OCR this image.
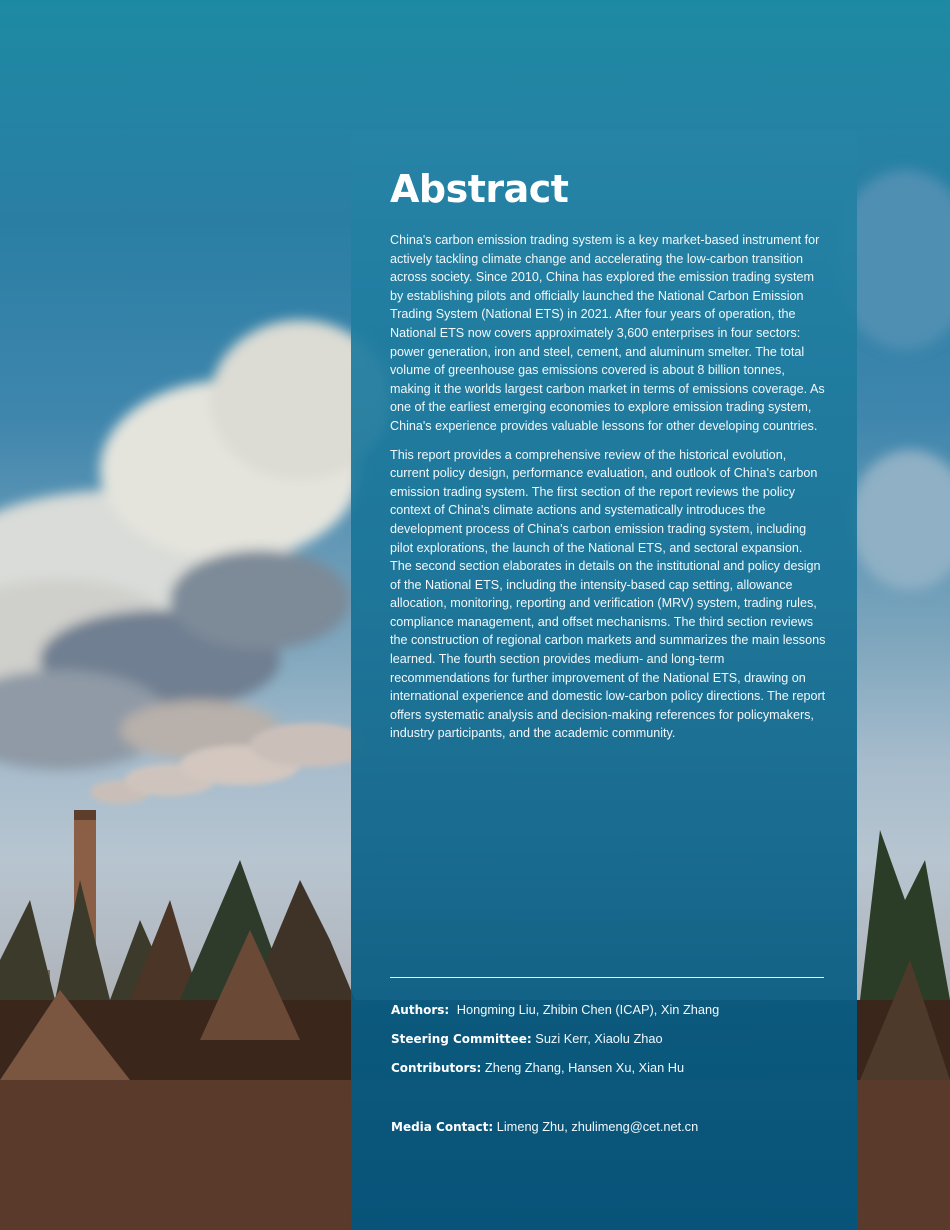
Abstract

China's carbon emission trading system is a key market-based instrument for actively tackling climate change and accelerating the low-carbon transition across society. Since 2010, China has explored the emission trading system by establishing pilots and officially launched the National Carbon Emission Trading System (National ETS) in 2021. After four years of operation, the National ETS now covers approximately 3,600 enterprises in four sectors: power generation, iron and steel, cement, and aluminum smelter. The total volume of greenhouse gas emissions covered is about 8 billion tonnes, making it the worlds largest carbon market in terms of emissions coverage. As one of the earliest emerging economies to explore emission trading system, China's experience provides valuable lessons for other developing countries.

This report provides a comprehensive review of the historical evolution, current policy design, performance evaluation, and outlook of China's carbon emission trading system. The first section of the report reviews the policy context of China's climate actions and systematically introduces the development process of China's carbon emission trading system, including pilot explorations, the launch of the National ETS, and sectoral expansion. The second section elaborates in details on the institutional and policy design of the National ETS, including the intensity-based cap setting, allowance allocation, monitoring, reporting and verification (MRV) system, trading rules, compliance management, and offset mechanisms. The third section reviews the construction of regional carbon markets and summarizes the main lessons learned. The fourth section provides medium- and long-term recommendations for further improvement of the National ETS, drawing on international experience and domestic low-carbon policy directions. The report offers systematic analysis and decision-making references for policymakers, industry participants, and the academic community.

Authors: Hongming Liu, Zhibin Chen (ICAP), Xin Zhang
Steering Committee: Suzi Kerr, Xiaolu Zhao
Contributors: Zheng Zhang, Hansen Xu, Xian Hu
Media Contact: Limeng Zhu, zhulimeng@cet.net.cn
